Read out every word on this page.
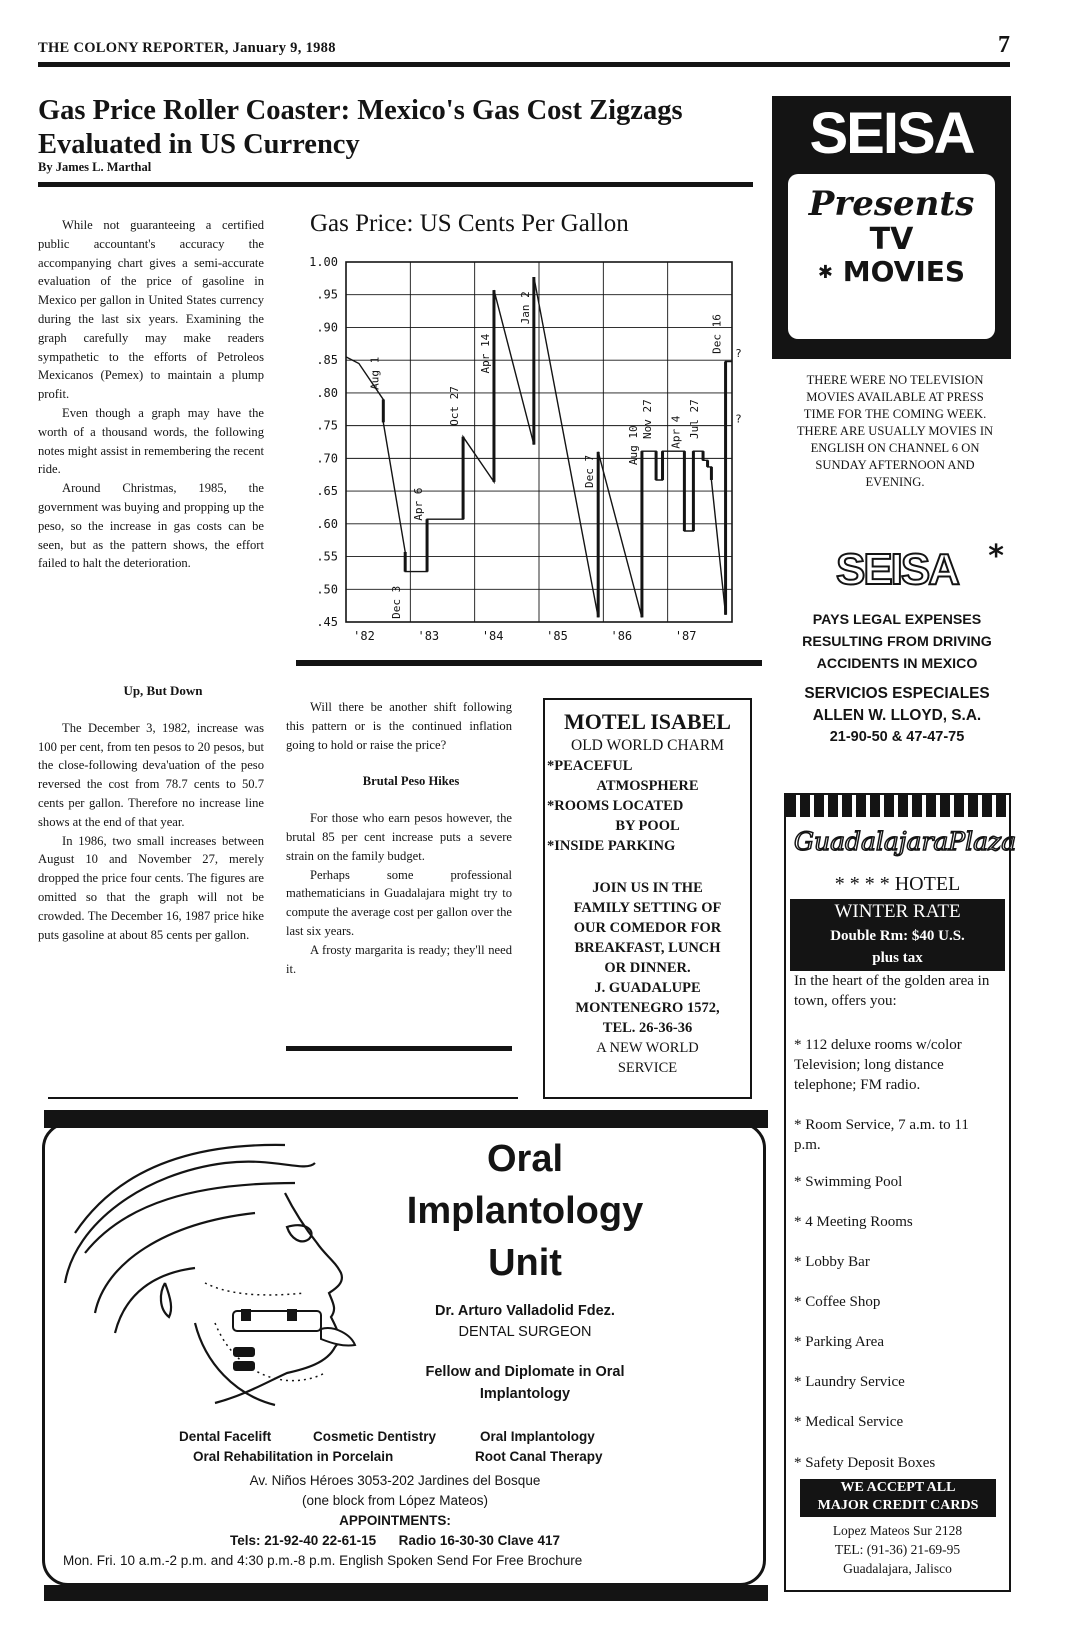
THE COLONY REPORTER, January 9, 1988	7
Gas Price Roller Coaster: Mexico's Gas Cost Zigzags Evaluated in US Currency
By James L. Marthal

While not guaranteeing a certified public accountant's accuracy the accompanying chart gives a semi-accurate evaluation of the price of gasoline in Mexico per gallon in United States currency during the last six years. Examining the graph carefully may make readers sympathetic to the efforts of Petroleos Mexicanos (Pemex) to maintain a plump profit.

Even though a graph may have the worth of a thousand words, the following notes might assist in remembering the recent ride.

Around Christmas, 1985, the government was buying and propping up the peso, so the increase in gas costs can be seen, but as the pattern shows, the effort failed to halt the deterioration.

Gas Price: US Cents Per Gallon
1.00
.95
.90
.85
.80
.75
.70
.65
.60
.55
.50
.45
'82	'83	'84	'85	'86	'87
Aug 1
Dec 3
Apr 6
Oct 27
Apr 14
Jan 2
Dec 7
Aug 10
Nov 27 Apr 4 Jul 27
Dec 16 ?
?

Up, But Down

The December 3, 1982, increase was 100 per cent, from ten pesos to 20 pesos, but the close-following deva'uation of the peso reversed the cost from 78.7 cents to 50.7 cents per gallon. Therefore no increase line shows at the end of that year.

In 1986, two small increases between August 10 and November 27, merely dropped the price four cents. The figures are omitted so that the graph will not be crowded. The December 16, 1987 price hike puts gasoline at about 85 cents per gallon.

Will there be another shift following this pattern or is the continued inflation going to hold or raise the price?

Brutal Peso Hikes

For those who earn pesos however, the brutal 85 per cent increase puts a severe strain on the family budget.

Perhaps some professional mathematicians in Guadalajara might try to compute the average cost per gallon over the last six years.

A frosty margarita is ready; they'll need it.

MOTEL ISABEL
OLD WORLD CHARM
*PEACEFUL
ATMOSPHERE
*ROOMS LOCATED
BY POOL
*INSIDE PARKING
JOIN US IN THE
FAMILY SETTING OF
OUR COMEDOR FOR
BREAKFAST, LUNCH
OR DINNER.
J. GUADALUPE
MONTENEGRO 1572,
TEL. 26-36-36
A NEW WORLD
SERVICE
SEISA
Presents
TV
✱ MOVIES
THERE WERE NO TELEVISION MOVIES AVAILABLE AT PRESS TIME FOR THE COMING WEEK. THERE ARE USUALLY MOVIES IN ENGLISH ON CHANNEL 6 ON SUNDAY AFTERNOON AND EVENING.
SEISA *
PAYS LEGAL EXPENSES RESULTING FROM DRIVING ACCIDENTS IN MEXICO
SERVICIOS ESPECIALES ALLEN W. LLOYD, S.A.
21-90-50 & 47-47-75
GuadalajaraPlaza
* * * * HOTEL
WINTER RATE
Double Rm: $40 U.S.
plus tax
In the heart of the golden area in town, offers you:
* 112 deluxe rooms w/color Television; long distance telephone; FM radio.
* Room Service, 7 a.m. to 11 p.m.
* Swimming Pool
* 4 Meeting Rooms
* Lobby Bar
* Coffee Shop
* Parking Area
* Laundry Service
* Medical Service
* Safety Deposit Boxes
WE ACCEPT ALL
MAJOR CREDIT CARDS
Lopez Mateos Sur 2128
TEL: (91-36) 21-69-95
Guadalajara, Jalisco
Oral
Implantology
Unit
Dr. Arturo Valladolid Fdez.
DENTAL SURGEON
Fellow and Diplomate in Oral
Implantology
Dental Facelift	Cosmetic Dentistry	Oral Implantology
Oral Rehabilitation in Porcelain	Root Canal Therapy
Av. Niños Héroes 3053-202 Jardines del Bosque
(one block from López Mateos)
APPOINTMENTS:
Tels: 21-92-40 22-61-15 Radio 16-30-30 Clave 417
Mon. Fri. 10 a.m.-2 p.m. and 4:30 p.m.-8 p.m. English Spoken Send For Free Brochure
